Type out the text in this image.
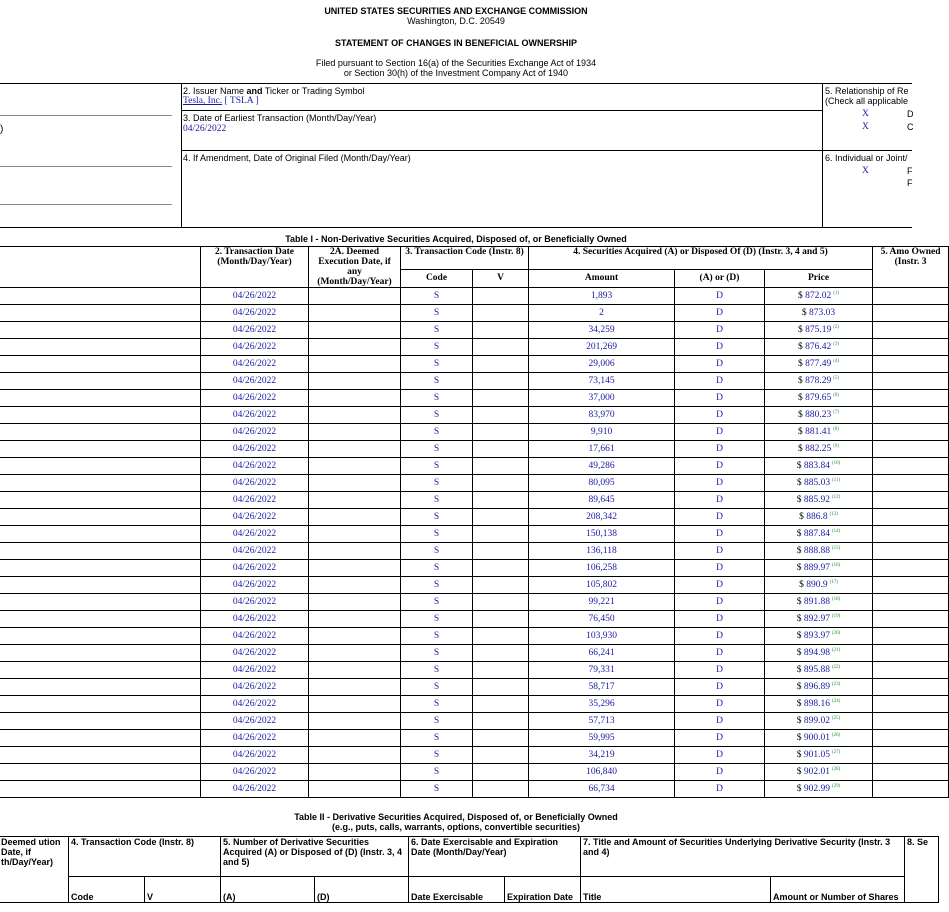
UNITED STATES SECURITIES AND EXCHANGE COMMISSION
Washington, D.C. 20549
STATEMENT OF CHANGES IN BENEFICIAL OWNERSHIP
Filed pursuant to Section 16(a) of the Securities Exchange Act of 1934
or Section 30(h) of the Investment Company Act of 1940
)
2. Issuer Name and Ticker or Trading Symbol
Tesla, Inc. [ TSLA ]
3. Date of Earliest Transaction (Month/Day/Year)
04/26/2022
4. If Amendment, Date of Original Filed (Month/Day/Year)
5. Relationship of Re
(Check all applicable
X	D
X	C
6. Individual or Joint/
X	F
F
Table I - Non-Derivative Securities Acquired, Disposed of, or Beneficially Owned
	2. Transaction Date (Month/Day/Year)	2A. Deemed Execution Date, if any (Month/Day/Year)	3. Transaction Code (Instr. 8)		4. Securities Acquired (A) or Disposed Of (D) (Instr. 3, 4 and 5)			5. Amo Owned (Instr. 3
			Code	V	Amount	(A) or (D)	Price	
	04/26/2022		S		1,893	D	$ 872.02 $^{(1)}$	
	04/26/2022		S		2	D	$ 873.03	
	04/26/2022		S		34,259	D	$ 875.19 $^{(2)}$	
	04/26/2022		S		201,269	D	$ 876.42 $^{(3)}$	
	04/26/2022		S		29,006	D	$ 877.49 $^{(4)}$	
	04/26/2022		S		73,145	D	$ 878.29 $^{(5)}$	
	04/26/2022		S		37,000	D	$ 879.65 $^{(6)}$	
	04/26/2022		S		83,970	D	$ 880.23 $^{(7)}$	
	04/26/2022		S		9,910	D	$ 881.41 $^{(8)}$	
	04/26/2022		S		17,661	D	$ 882.25 $^{(9)}$	
	04/26/2022		S		49,286	D	$ 883.84 $^{(10)}$	
	04/26/2022		S		80,095	D	$ 885.03 $^{(11)}$	
	04/26/2022		S		89,645	D	$ 885.92 $^{(12)}$	
	04/26/2022		S		208,342	D	$ 886.8 $^{(13)}$	
	04/26/2022		S		150,138	D	$ 887.84 $^{(14)}$	
	04/26/2022		S		136,118	D	$ 888.88 $^{(15)}$	
	04/26/2022		S		106,258	D	$ 889.97 $^{(16)}$	
	04/26/2022		S		105,802	D	$ 890.9 $^{(17)}$	
	04/26/2022		S		99,221	D	$ 891.88 $^{(18)}$	
	04/26/2022		S		76,450	D	$ 892.97 $^{(19)}$	
	04/26/2022		S		103,930	D	$ 893.97 $^{(20)}$	
	04/26/2022		S		66,241	D	$ 894.98 $^{(21)}$	
	04/26/2022		S		79,331	D	$ 895.88 $^{(22)}$	
	04/26/2022		S		58,717	D	$ 896.89 $^{(23)}$	
	04/26/2022		S		35,296	D	$ 898.16 $^{(24)}$	
	04/26/2022		S		57,713	D	$ 899.02 $^{(25)}$	
	04/26/2022		S		59,995	D	$ 900.01 $^{(26)}$	
	04/26/2022		S		34,219	D	$ 901.05 $^{(27)}$	
	04/26/2022		S		106,840	D	$ 902.01 $^{(28)}$	
	04/26/2022		S		66,734	D	$ 902.99 $^{(29)}$	
Table II - Derivative Securities Acquired, Disposed of, or Beneficially Owned
(e.g., puts, calls, warrants, options, convertible securities)
Deemed ution Date, if th/Day/Year)	4. Transaction Code (Instr. 8)		5. Number of Derivative Securities Acquired (A) or Disposed of (D) (Instr. 3, 4 and 5)		6. Date Exercisable and Expiration Date (Month/Day/Year)		7. Title and Amount of Securities Underlying Derivative Security (Instr. 3 and 4)		8. Se
	Code	V	(A)	(D)	Date Exercisable	Expiration Date	Title	Amount or Number of Shares	
